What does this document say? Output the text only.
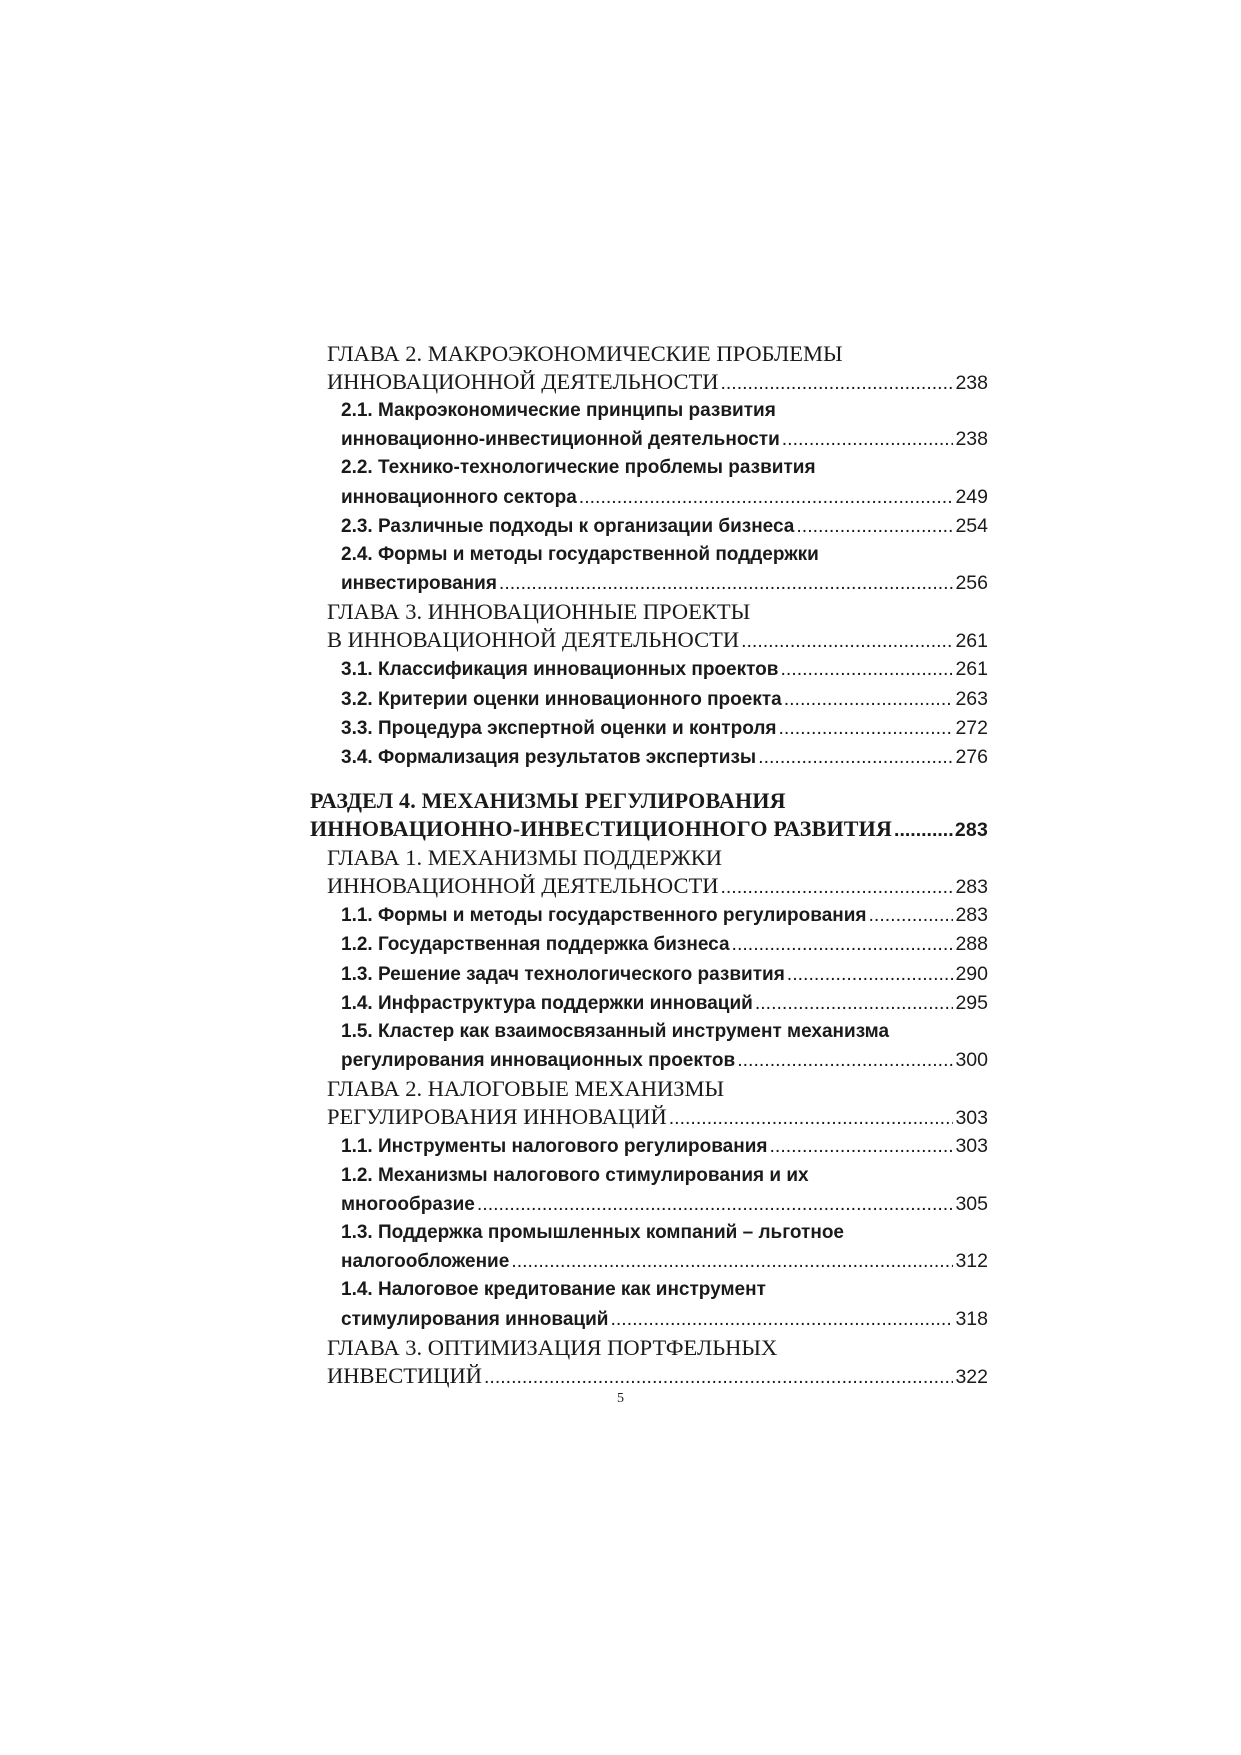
ГЛАВА 2. МАКРОЭКОНОМИЧЕСКИЕ ПРОБЛЕМЫ
ИННОВАЦИОННОЙ ДЕЯТЕЛЬНОСТИ .....	238
2.1. Макроэкономические принципы развития
инновационно-инвестиционной деятельности .....	238
2.2. Технико-технологические проблемы развития
инновационного сектора .....	249
2.3. Различные подходы к организации бизнеса .....	254
2.4. Формы и методы государственной поддержки
инвестирования .....	256
ГЛАВА 3. ИННОВАЦИОННЫЕ ПРОЕКТЫ
В ИННОВАЦИОННОЙ ДЕЯТЕЛЬНОСТИ .....	261
3.1. Классификация инновационных проектов .....	261
3.2. Критерии оценки инновационного проекта .....	263
3.3. Процедура экспертной оценки и контроля .....	272
3.4. Формализация результатов экспертизы .....	276
РАЗДЕЛ 4. МЕХАНИЗМЫ РЕГУЛИРОВАНИЯ
ИННОВАЦИОННО-ИНВЕСТИЦИОННОГО РАЗВИТИЯ .....	283
ГЛАВА 1. МЕХАНИЗМЫ ПОДДЕРЖКИ
ИННОВАЦИОННОЙ ДЕЯТЕЛЬНОСТИ .....	283
1.1. Формы и методы государственного регулирования .....	283
1.2. Государственная поддержка бизнеса .....	288
1.3. Решение задач технологического развития .....	290
1.4. Инфраструктура поддержки инноваций .....	295
1.5. Кластер как взаимосвязанный инструмент механизма
регулирования инновационных проектов .....	300
ГЛАВА 2. НАЛОГОВЫЕ МЕХАНИЗМЫ
РЕГУЛИРОВАНИЯ ИННОВАЦИЙ .....	303
1.1. Инструменты налогового регулирования .....	303
1.2. Механизмы налогового стимулирования и их
многообразие .....	305
1.3. Поддержка промышленных компаний – льготное
налогообложение .....	312
1.4. Налоговое кредитование как инструмент
стимулирования инноваций .....	318
ГЛАВА 3. ОПТИМИЗАЦИЯ ПОРТФЕЛЬНЫХ
ИНВЕСТИЦИЙ .....	322
5
